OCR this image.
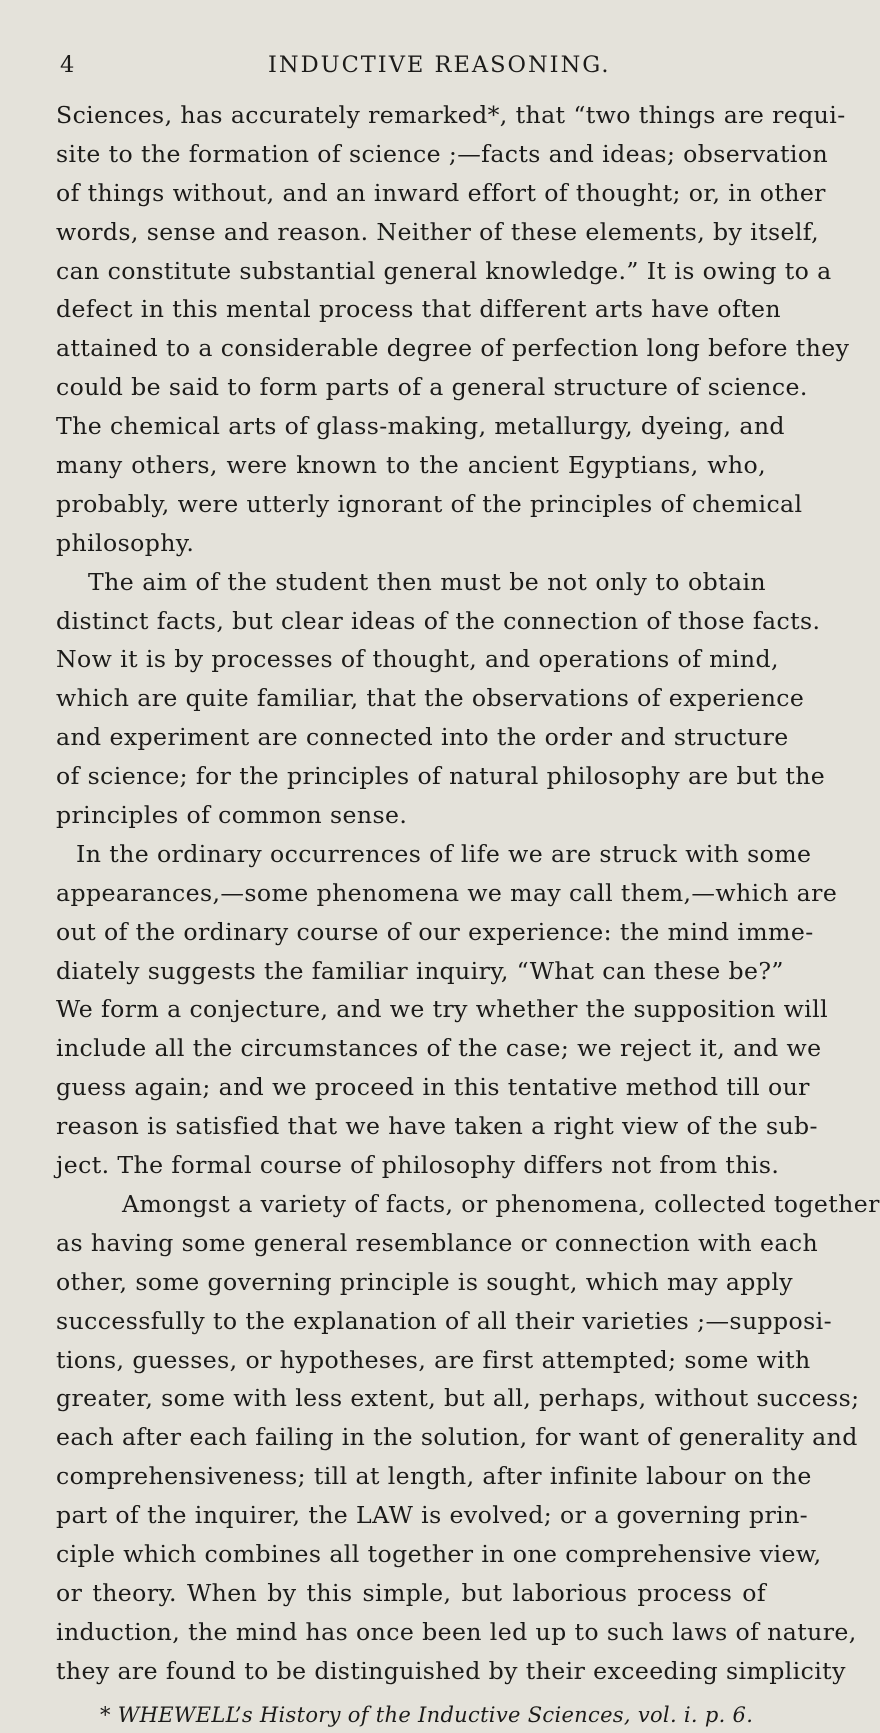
4	INDUCTIVE REASONING.
Sciences, has accurately remarked*, that “two things are requi-
site to the formation of science ;—facts and ideas; observation
of things without, and an inward effort of thought; or, in other
words, sense and reason. Neither of these elements, by itself,
can constitute substantial general knowledge.” It is owing to a
defect in this mental process that different arts have often
attained to a considerable degree of perfection long before they
could be said to form parts of a general structure of science.
The chemical arts of glass-making, metallurgy, dyeing, and
many others, were known to the ancient Egyptians, who,
probably, were utterly ignorant of the principles of chemical
philosophy.
The aim of the student then must be not only to obtain
distinct facts, but clear ideas of the connection of those facts.
Now it is by processes of thought, and operations of mind,
which are quite familiar, that the observations of experience
and experiment are connected into the order and structure
of science; for the principles of natural philosophy are but the
principles of common sense.
In the ordinary occurrences of life we are struck with some
appearances,—some phenomena we may call them,—which are
out of the ordinary course of our experience: the mind imme-
diately suggests the familiar inquiry, “What can these be?”
We form a conjecture, and we try whether the supposition will
include all the circumstances of the case; we reject it, and we
guess again; and we proceed in this tentative method till our
reason is satisfied that we have taken a right view of the sub-
ject. The formal course of philosophy differs not from this.
Amongst a variety of facts, or phenomena, collected together
as having some general resemblance or connection with each
other, some governing principle is sought, which may apply
successfully to the explanation of all their varieties ;—supposi-
tions, guesses, or hypotheses, are first attempted; some with
greater, some with less extent, but all, perhaps, without success;
each after each failing in the solution, for want of generality and
comprehensiveness; till at length, after infinite labour on the
part of the inquirer, the LAW is evolved; or a governing prin-
ciple which combines all together in one comprehensive view,
or theory. When by this simple, but laborious process of
induction, the mind has once been led up to such laws of nature,
they are found to be distinguished by their exceeding simplicity
* WHEWELL’s History of the Inductive Sciences, vol. i. p. 6.
